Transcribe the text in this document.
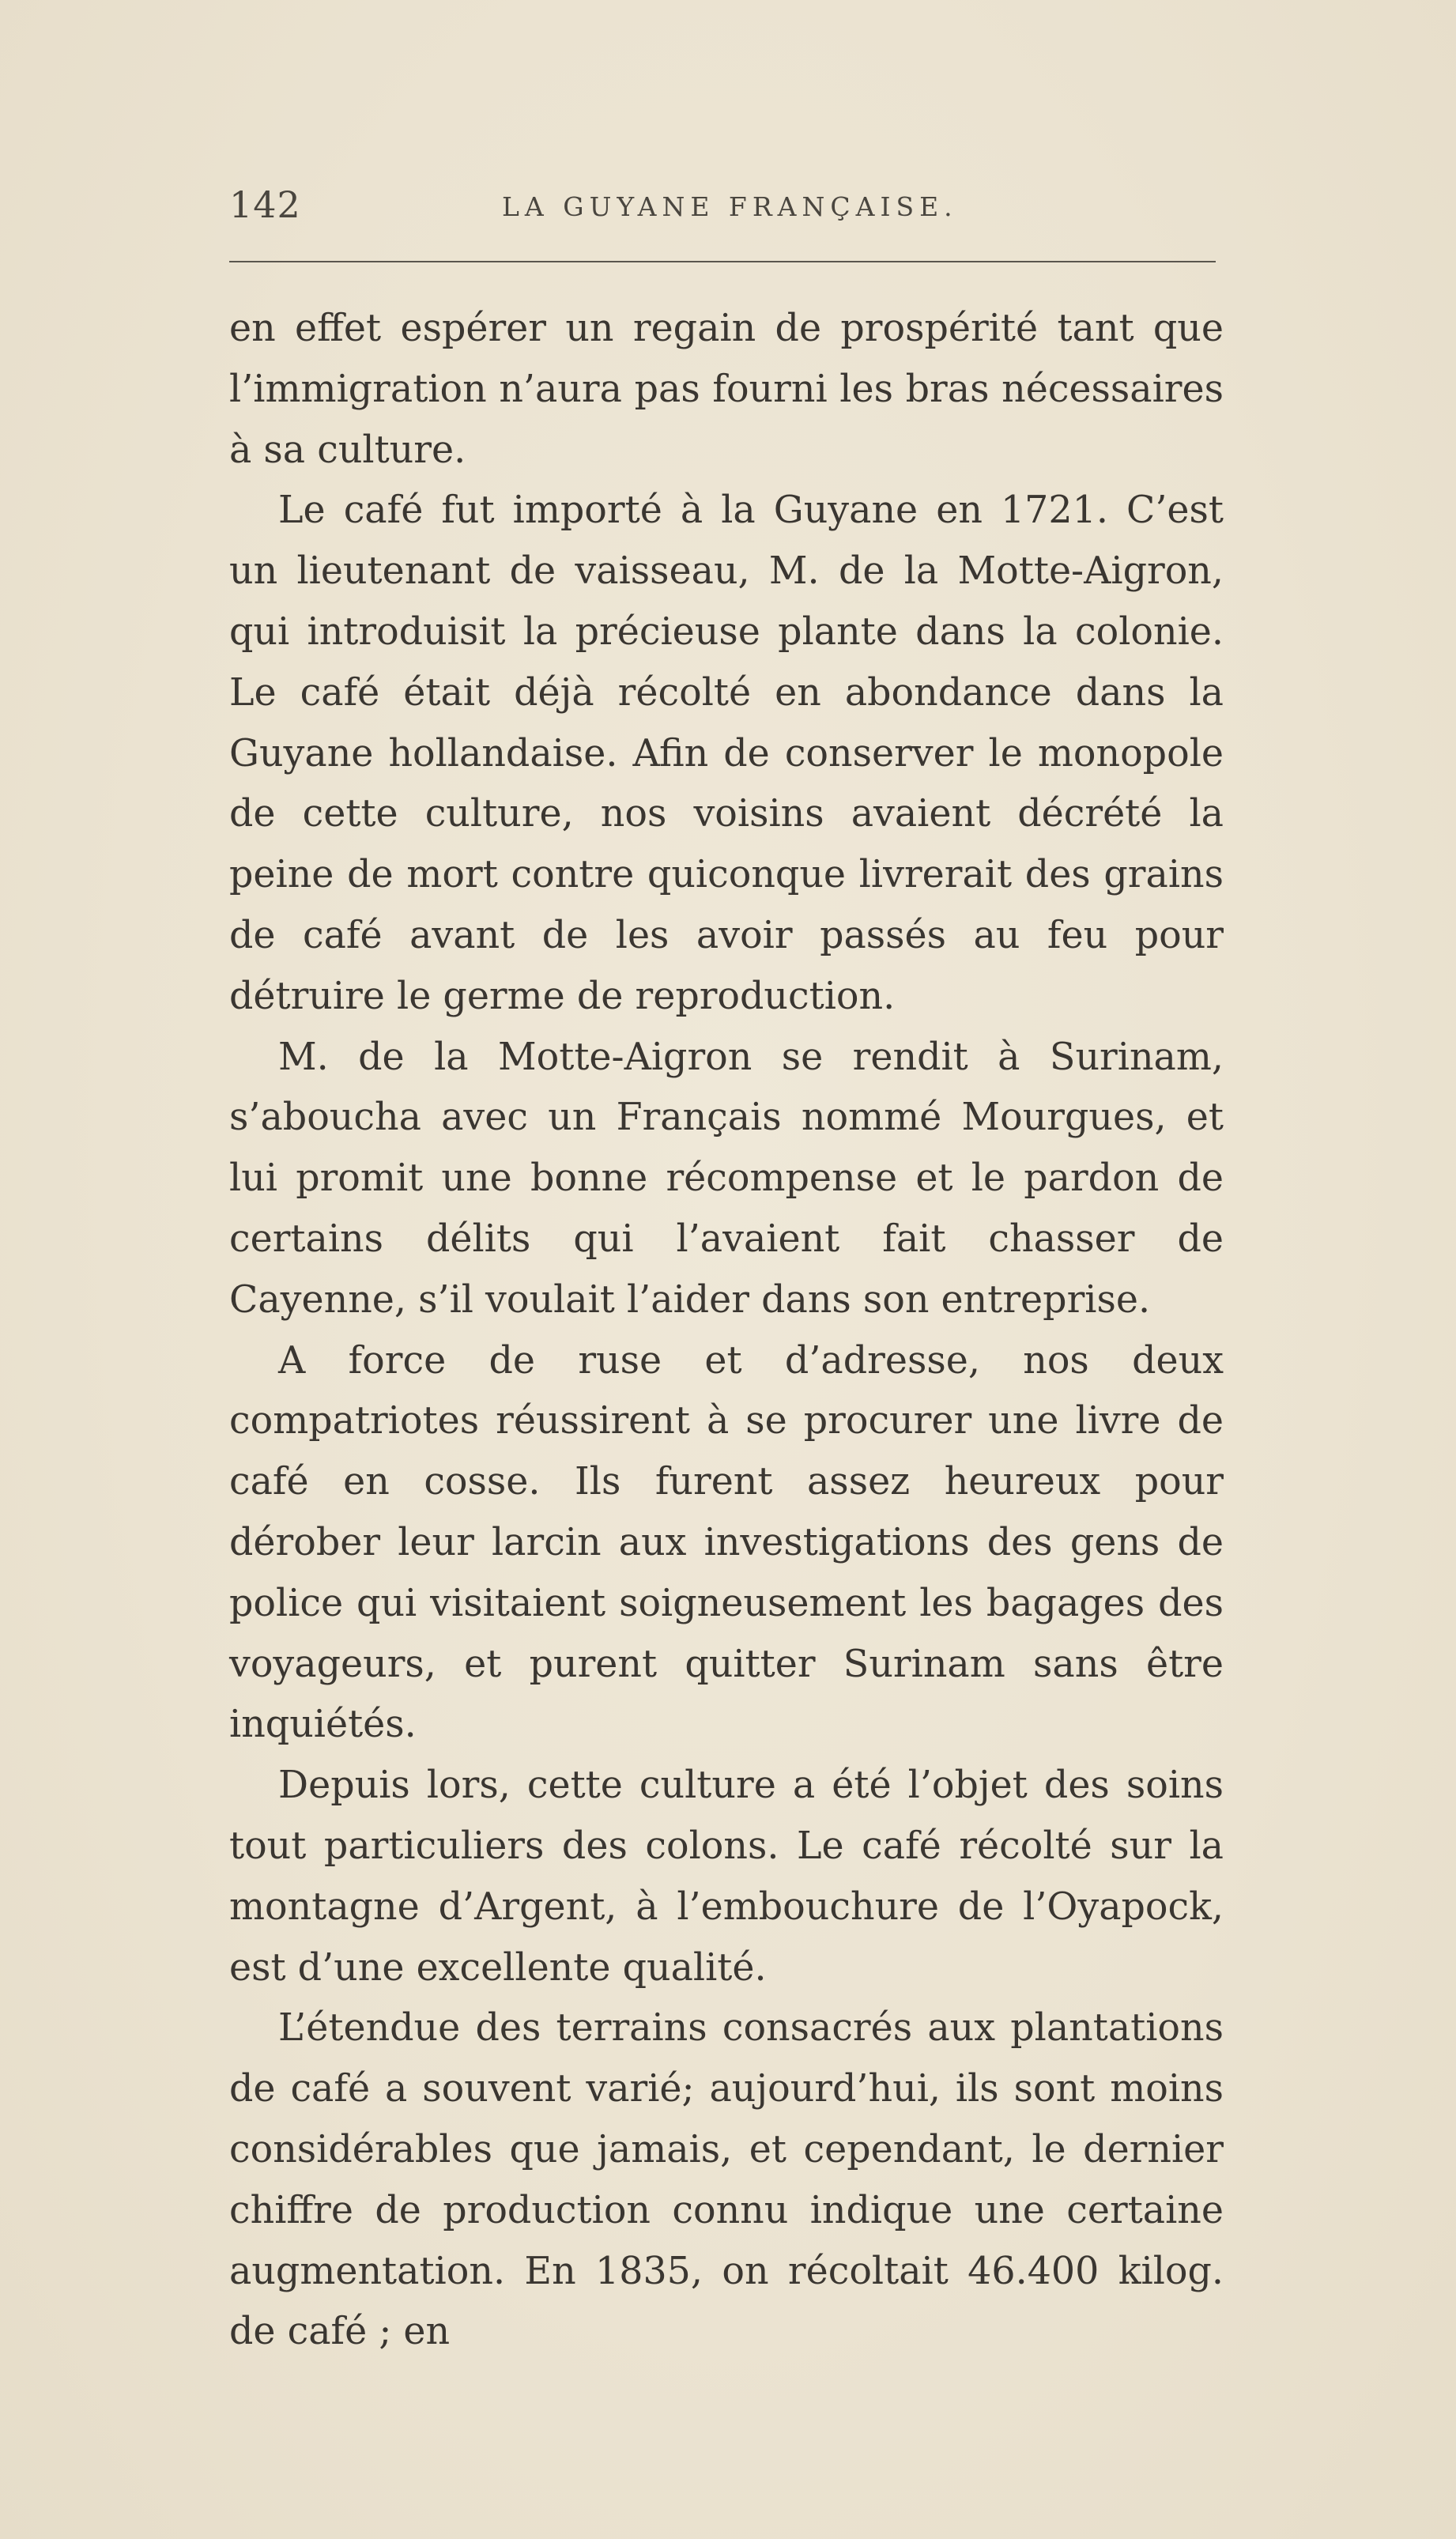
142	LA GUYANE FRANÇAISE.

en effet espérer un regain de prospérité tant que l’immigration n’aura pas fourni les bras nécessaires à sa culture.

Le café fut importé à la Guyane en 1721. C’est un lieutenant de vaisseau, M. de la Motte-Aigron, qui introduisit la précieuse plante dans la colonie. Le café était déjà récolté en abondance dans la Guyane hollandaise. Afin de conserver le monopole de cette culture, nos voisins avaient décrété la peine de mort contre quiconque livrerait des grains de café avant de les avoir passés au feu pour détruire le germe de reproduction.

M. de la Motte-Aigron se rendit à Surinam, s’aboucha avec un Français nommé Mourgues, et lui promit une bonne récompense et le pardon de certains délits qui l’avaient fait chasser de Cayenne, s’il voulait l’aider dans son entreprise.

A force de ruse et d’adresse, nos deux compatriotes réussirent à se procurer une livre de café en cosse. Ils furent assez heureux pour dérober leur larcin aux investigations des gens de police qui visitaient soigneusement les bagages des voyageurs, et purent quitter Surinam sans être inquiétés.

Depuis lors, cette culture a été l’objet des soins tout particuliers des colons. Le café récolté sur la montagne d’Argent, à l’embouchure de l’Oyapock, est d’une excellente qualité.

L’étendue des terrains consacrés aux plantations de café a souvent varié; aujourd’hui, ils sont moins considérables que jamais, et cependant, le dernier chiffre de production connu indique une certaine augmentation. En 1835, on récoltait 46.400 kilog. de café ; en
